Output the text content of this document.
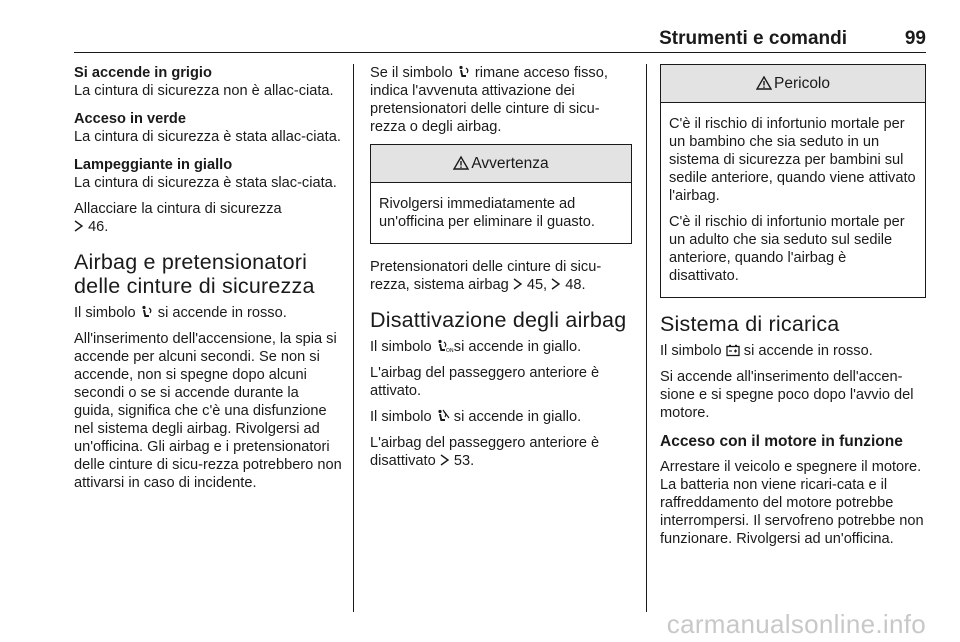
Strumenti e comandi	99
Si accende in grigio

La cintura di sicurezza non è allac-ciata.

Acceso in verde

La cintura di sicurezza è stata allac-ciata.

Lampeggiante in giallo

La cintura di sicurezza è stata slac-ciata.

Allacciare la cintura di sicurezza
46.

Airbag e pretensionatori delle cinture di sicurezza

Il simbolo si accende in rosso.

All'inserimento dell'accensione, la spia si accende per alcuni secondi. Se non si accende, non si spegne dopo alcuni secondi o se si accende durante la guida, significa che c'è una disfunzione nel sistema degli airbag. Rivolgersi ad un'officina. Gli airbag e i pretensionatori delle cinture di sicu-rezza potrebbero non attivarsi in caso di incidente.

Se il simbolo rimane acceso fisso, indica l'avvenuta attivazione dei pretensionatori delle cinture di sicu-rezza o degli airbag.

Avvertenza

Rivolgersi immediatamente ad un'officina per eliminare il guasto.

Pretensionatori delle cinture di sicu-rezza, sistema airbag 45, 48.

Disattivazione degli airbag

Il simbolo	ON si accende in giallo.

L'airbag del passeggero anteriore è attivato.

Il simbolo si accende in giallo.

L'airbag del passeggero anteriore è disattivato 53.

Pericolo

C'è il rischio di infortunio mortale per un bambino che sia seduto in un sistema di sicurezza per bambini sul sedile anteriore, quando viene attivato l'airbag.

C'è il rischio di infortunio mortale per un adulto che sia seduto sul sedile anteriore, quando l'airbag è disattivato.

Sistema di ricarica

Il simbolo si accende in rosso.

Si accende all'inserimento dell'accen-sione e si spegne poco dopo l'avvio del motore.

Acceso con il motore in funzione

Arrestare il veicolo e spegnere il motore. La batteria non viene ricari-cata e il raffreddamento del motore potrebbe interrompersi. Il servofreno potrebbe non funzionare. Rivolgersi ad un'officina.

carmanualsonline.info
